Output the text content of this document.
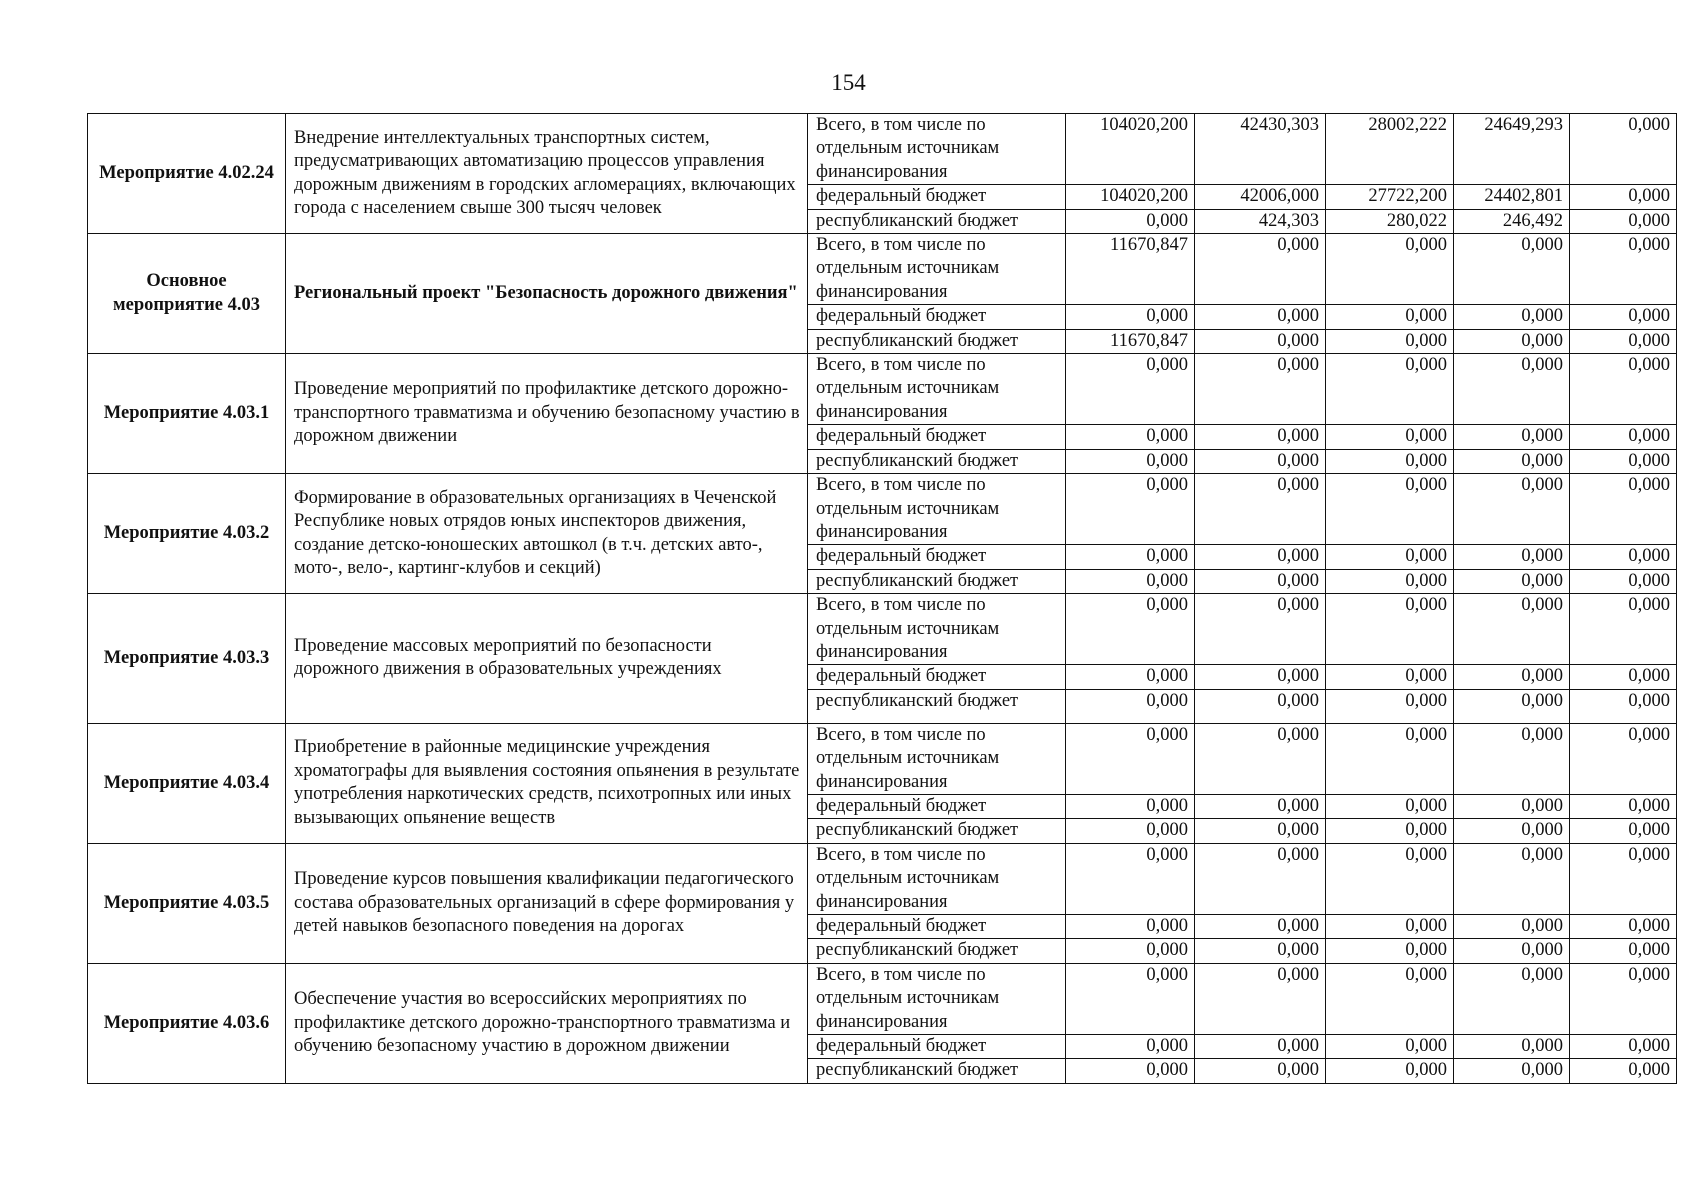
154
Мероприятие 4.02.24	Внедрение интеллектуальных транспортных систем, предусматривающих автоматизацию процессов управления дорожным движениям в городских агломерациях, включающих города с населением свыше 300 тысяч человек	Всего, в том числе по отдельным источникам финансирования	104020,200	42430,303	28002,222	24649,293	0,000
		федеральный бюджет	104020,200	42006,000	27722,200	24402,801	0,000
		республиканский бюджет	0,000	424,303	280,022	246,492	0,000
Основное мероприятие 4.03	Региональный проект "Безопасность дорожного движения"	Всего, в том числе по отдельным источникам финансирования	11670,847	0,000	0,000	0,000	0,000
		федеральный бюджет	0,000	0,000	0,000	0,000	0,000
		республиканский бюджет	11670,847	0,000	0,000	0,000	0,000
Мероприятие 4.03.1	Проведение мероприятий по профилактике детского дорожно-транспортного травматизма и обучению безопасному участию в дорожном движении	Всего, в том числе по отдельным источникам финансирования	0,000	0,000	0,000	0,000	0,000
		федеральный бюджет	0,000	0,000	0,000	0,000	0,000
		республиканский бюджет	0,000	0,000	0,000	0,000	0,000
Мероприятие 4.03.2	Формирование в образовательных организациях в Чеченской Республике новых отрядов юных инспекторов движения, создание детско-юношеских автошкол (в т.ч. детских авто-, мото-, вело-, картинг-клубов и секций)	Всего, в том числе по отдельным источникам финансирования	0,000	0,000	0,000	0,000	0,000
		федеральный бюджет	0,000	0,000	0,000	0,000	0,000
		республиканский бюджет	0,000	0,000	0,000	0,000	0,000
Мероприятие 4.03.3	Проведение массовых мероприятий по безопасности дорожного движения в образовательных учреждениях	Всего, в том числе по отдельным источникам финансирования	0,000	0,000	0,000	0,000	0,000
		федеральный бюджет	0,000	0,000	0,000	0,000	0,000
		республиканский бюджет	0,000	0,000	0,000	0,000	0,000
Мероприятие 4.03.4	Приобретение в районные медицинские учреждения хроматографы для выявления состояния опьянения в результате употребления наркотических средств, психотропных или иных вызывающих опьянение веществ	Всего, в том числе по отдельным источникам финансирования	0,000	0,000	0,000	0,000	0,000
		федеральный бюджет	0,000	0,000	0,000	0,000	0,000
		республиканский бюджет	0,000	0,000	0,000	0,000	0,000
Мероприятие 4.03.5	Проведение курсов повышения квалификации педагогического состава образовательных организаций в сфере формирования у детей навыков безопасного поведения на дорогах	Всего, в том числе по отдельным источникам финансирования	0,000	0,000	0,000	0,000	0,000
		федеральный бюджет	0,000	0,000	0,000	0,000	0,000
		республиканский бюджет	0,000	0,000	0,000	0,000	0,000
Мероприятие 4.03.6	Обеспечение участия во всероссийских мероприятиях по профилактике детского дорожно-транспортного травматизма и обучению безопасному участию в дорожном движении	Всего, в том числе по отдельным источникам финансирования	0,000	0,000	0,000	0,000	0,000
		федеральный бюджет	0,000	0,000	0,000	0,000	0,000
		республиканский бюджет	0,000	0,000	0,000	0,000	0,000
